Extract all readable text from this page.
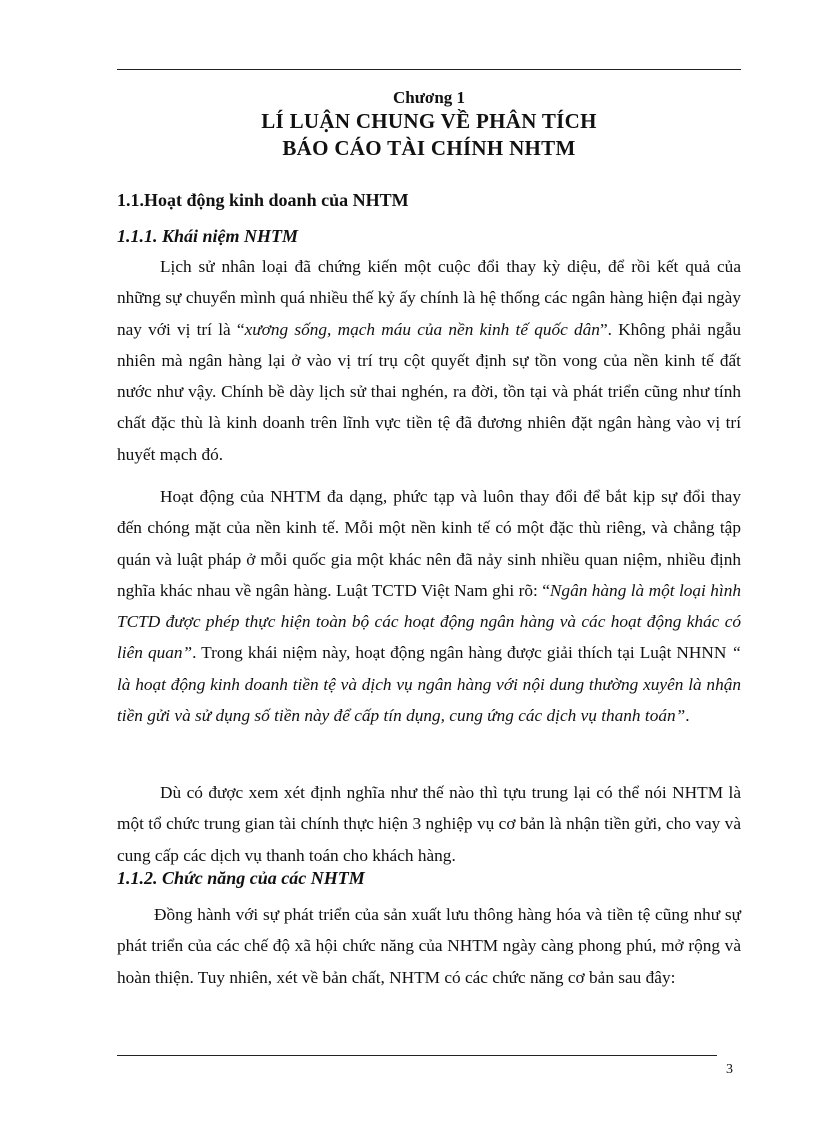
Chương 1
LÍ LUẬN CHUNG VỀ PHÂN TÍCH
BÁO CÁO TÀI CHÍNH NHTM
1.1.Hoạt động kinh doanh của NHTM
1.1.1. Khái niệm NHTM

Lịch sử nhân loại đã chứng kiến một cuộc đổi thay kỳ diệu, để rồi kết quả của những sự chuyển mình quá nhiều thế kỷ ấy chính là hệ thống các ngân hàng hiện đại ngày nay với vị trí là “xương sống, mạch máu của nền kinh tế quốc dân”. Không phải ngẫu nhiên mà ngân hàng lại ở vào vị trí trụ cột quyết định sự tồn vong của nền kinh tế đất nước như vậy. Chính bề dày lịch sử thai nghén, ra đời, tồn tại và phát triển cũng như tính chất đặc thù là kinh doanh trên lĩnh vực tiền tệ đã đương nhiên đặt ngân hàng vào vị trí huyết mạch đó.

Hoạt động của NHTM đa dạng, phức tạp và luôn thay đổi để bắt kịp sự đổi thay đến chóng mặt của nền kinh tế. Mỗi một nền kinh tế có một đặc thù riêng, và chẳng tập quán và luật pháp ở mỗi quốc gia một khác nên đã nảy sinh nhiều quan niệm, nhiều định nghĩa khác nhau về ngân hàng. Luật TCTD Việt Nam ghi rõ: “Ngân hàng là một loại hình TCTD được phép thực hiện toàn bộ các hoạt động ngân hàng và các hoạt động khác có liên quan”. Trong khái niệm này, hoạt động ngân hàng được giải thích tại Luật NHNN “ là hoạt động kinh doanh tiền tệ và dịch vụ ngân hàng với nội dung thường xuyên là nhận tiền gửi và sử dụng số tiền này để cấp tín dụng, cung ứng các dịch vụ thanh toán”.

Dù có được xem xét định nghĩa như thế nào thì tựu trung lại có thể nói NHTM là một tổ chức trung gian tài chính thực hiện 3 nghiệp vụ cơ bản là nhận tiền gửi, cho vay và cung cấp các dịch vụ thanh toán cho khách hàng.

1.1.2. Chức năng của các NHTM

Đồng hành với sự phát triển của sản xuất lưu thông hàng hóa và tiền tệ cũng như sự phát triển của các chế độ xã hội chức năng của NHTM ngày càng phong phú, mở rộng và hoàn thiện. Tuy nhiên, xét về bản chất, NHTM có các chức năng cơ bản sau đây:

3
